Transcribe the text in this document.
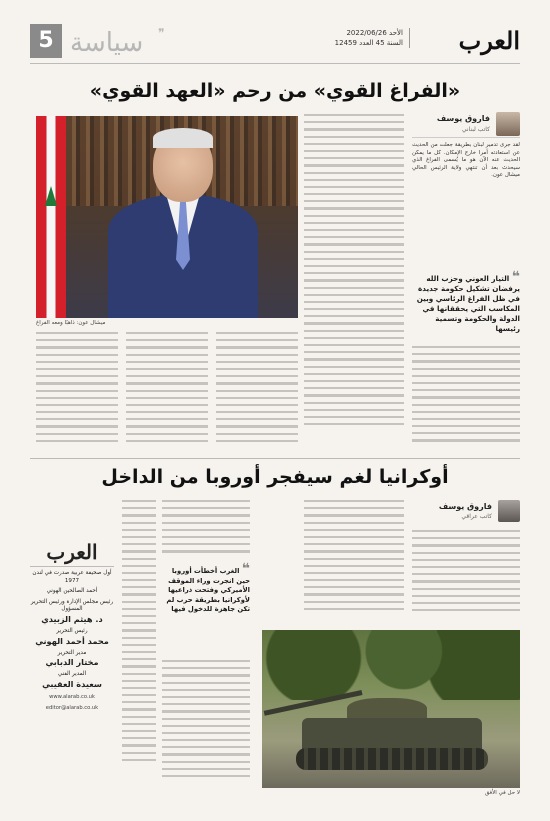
العرب
الأحد 2022/06/26
السنة 45 العدد 12459
❞
سياسة
5
«الفراغ القوي» من رحم «العهد القوي»
فاروق يوسف
كاتب لبناني

لقد جرى تدمير لبنان بطريقة جعلت من الحديث عن استعادته أمرا خارج الإمكان. كل ما يمكن الحديث عنه الآن هو ما يُسمى الفراغ الذي سيحدث بعد أن تنتهي ولاية الرئيس الحالي ميشال عون.

❝ التيار العوني وحزب الله يرفضان تشكيل حكومة جديدة في ظل الفراغ الرئاسي وبين المكاسب التي يحققانها في الدولة والحكومة وتسمية رئيسها
ميشال عون: ذاهبًا ومعه الفراغ
أوكرانيا لغم سيفجر أوروبا من الداخل
فاروق يوسف
كاتب عراقي
❝ الغرب أخطأت أوروبا حين انجرت وراء الموقف الأميركي وفتحت ذراعيها لأوكرانيا بطريقة حرب لم تكن جاهزة للدخول فيها
لا حل في الأفق
العرب
أول صحيفة عربية صدرت في لندن 1977
أحمد الصالحين الهوني
رئيس مجلس الإدارة ورئيس التحرير المسؤول
د. هيثم الزبيدي
رئيس التحرير
محمد أحمد الهوني
مدير التحرير
مختار الدبابي
المدير الفني
سعيدة العقيبي
www.alarab.co.uk
editor@alarab.co.uk
